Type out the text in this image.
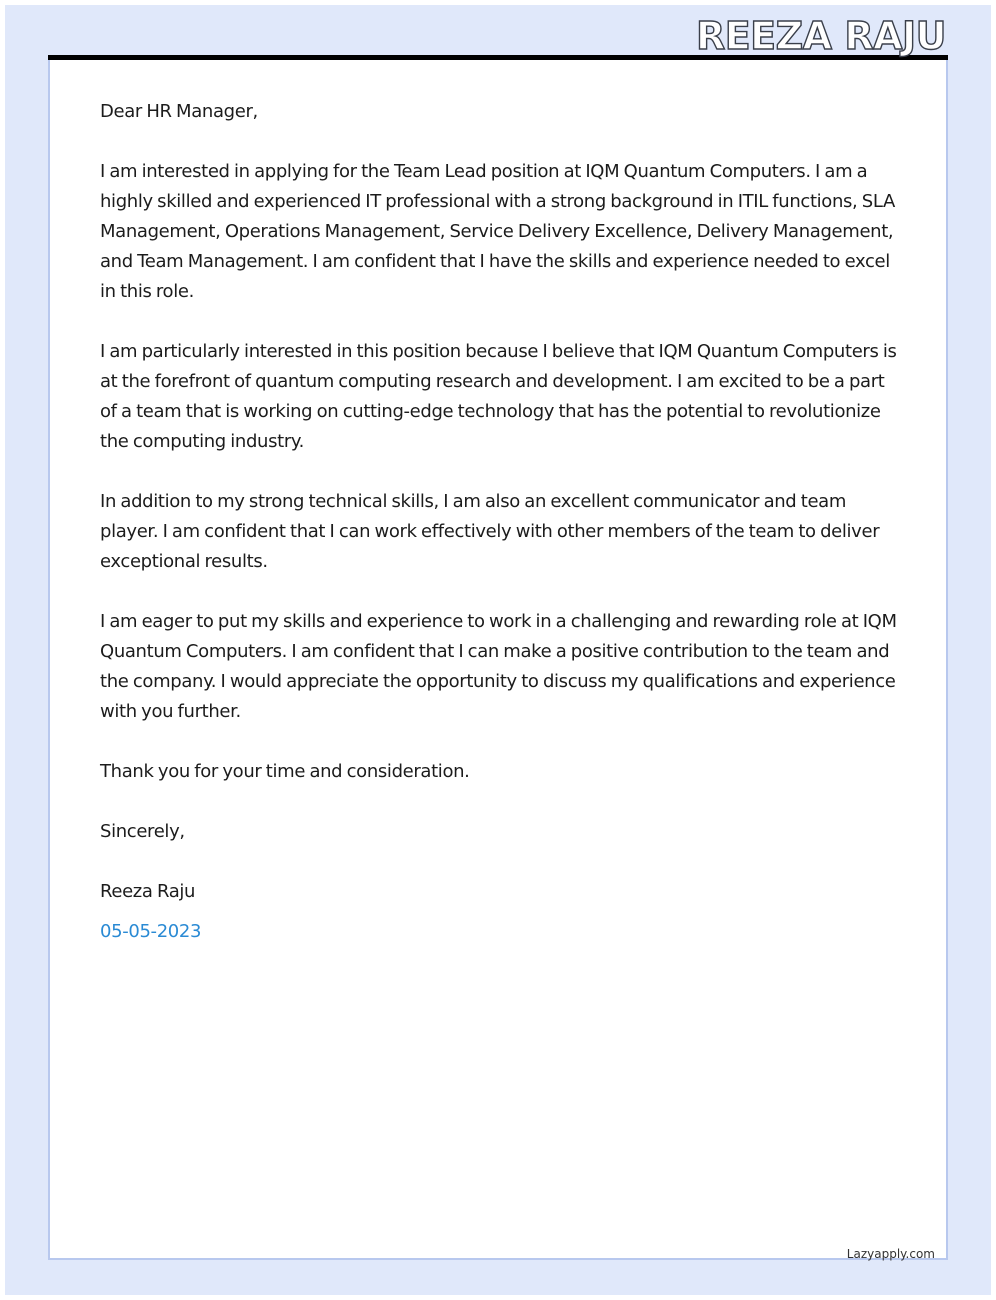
REEZA RAJU

Dear HR Manager,

I am interested in applying for the Team Lead position at IQM Quantum Computers. I am a highly skilled and experienced IT professional with a strong background in ITIL functions, SLA Management, Operations Management, Service Delivery Excellence, Delivery Management, and Team Management. I am confident that I have the skills and experience needed to excel in this role.

I am particularly interested in this position because I believe that IQM Quantum Computers is at the forefront of quantum computing research and development. I am excited to be a part of a team that is working on cutting-edge technology that has the potential to revolutionize the computing industry.

In addition to my strong technical skills, I am also an excellent communicator and team player. I am confident that I can work effectively with other members of the team to deliver exceptional results.

I am eager to put my skills and experience to work in a challenging and rewarding role at IQM Quantum Computers. I am confident that I can make a positive contribution to the team and the company. I would appreciate the opportunity to discuss my qualifications and experience with you further.

Thank you for your time and consideration.

Sincerely,

Reeza Raju

05-05-2023

Lazyapply.com
